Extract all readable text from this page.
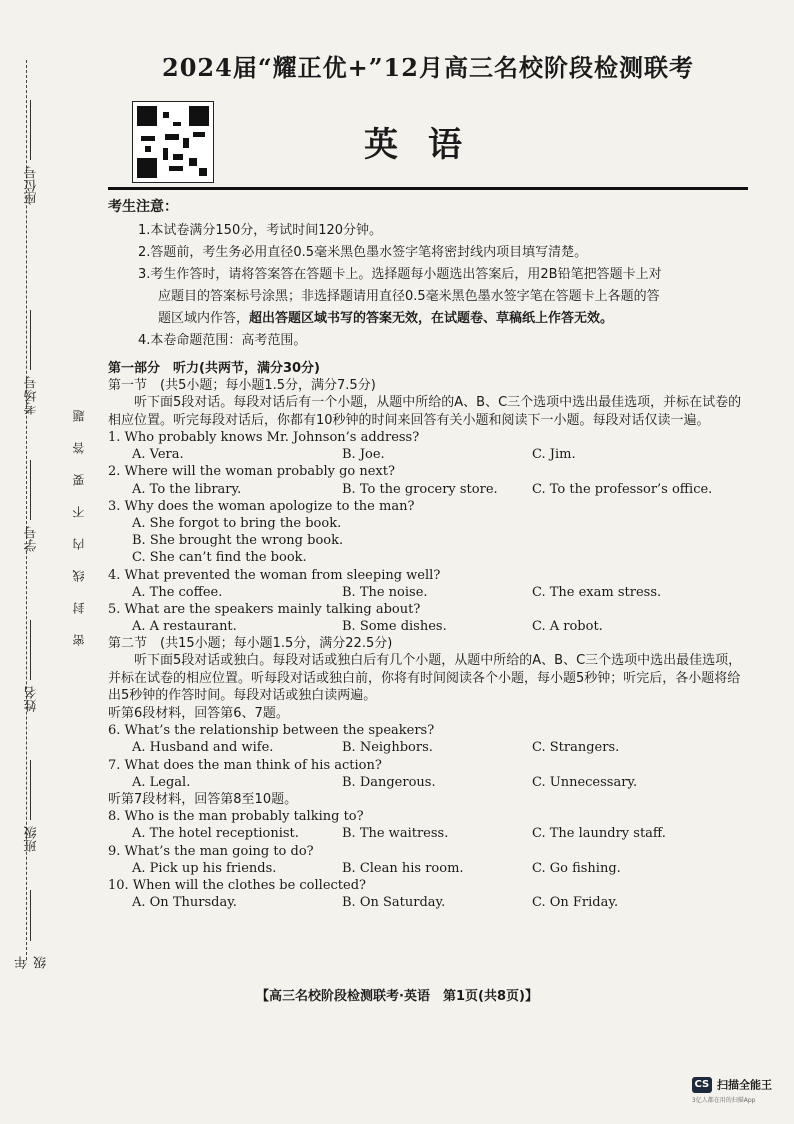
座位号
考场号
学号
姓名
班级
年级
密封线内不要答题
2024届“耀正优+”12月高三名校阶段检测联考
英语
考生注意：
1.本试卷满分150分，考试时间120分钟。
2.答题前，考生务必用直径0.5毫米黑色墨水签字笔将密封线内项目填写清楚。
3.考生作答时，请将答案答在答题卡上。选择题每小题选出答案后，用2B铅笔把答题卡上对
应题目的答案标号涂黑；非选择题请用直径0.5毫米黑色墨水签字笔在答题卡上各题的答
题区域内作答，超出答题区域书写的答案无效，在试题卷、草稿纸上作答无效。
4.本卷命题范围：高考范围。
第一部分　听力(共两节，满分30分)
第一节　(共5小题；每小题1.5分，满分7.5分)
听下面5段对话。每段对话后有一个小题，从题中所给的A、B、C三个选项中选出最佳选项，并标在试卷的相应位置。听完每段对话后，你都有10秒钟的时间来回答有关小题和阅读下一小题。每段对话仅读一遍。
1. Who probably knows Mr. Johnson’s address?
A. Vera.	B. Joe.	C. Jim.
2. Where will the woman probably go next?
A. To the library.	B. To the grocery store.	C. To the professor’s office.
3. Why does the woman apologize to the man?
A. She forgot to bring the book.
B. She brought the wrong book.
C. She can’t find the book.
4. What prevented the woman from sleeping well?
A. The coffee.	B. The noise.	C. The exam stress.
5. What are the speakers mainly talking about?
A. A restaurant.	B. Some dishes.	C. A robot.
第二节　(共15小题；每小题1.5分，满分22.5分)
听下面5段对话或独白。每段对话或独白后有几个小题，从题中所给的A、B、C三个选项中选出最佳选项，并标在试卷的相应位置。听每段对话或独白前，你将有时间阅读各个小题，每小题5秒钟；听完后，各小题将给出5秒钟的作答时间。每段对话或独白读两遍。
听第6段材料，回答第6、7题。
6. What’s the relationship between the speakers?
A. Husband and wife.	B. Neighbors.	C. Strangers.
7. What does the man think of his action?
A. Legal.	B. Dangerous.	C. Unnecessary.
听第7段材料，回答第8至10题。
8. Who is the man probably talking to?
A. The hotel receptionist.	B. The waitress.	C. The laundry staff.
9. What’s the man going to do?
A. Pick up his friends.	B. Clean his room.	C. Go fishing.
10. When will the clothes be collected?
A. On Thursday.	B. On Saturday.	C. On Friday.
【高三名校阶段检测联考·英语　第1页(共8页)】
CS 扫描全能王
3亿人都在用的扫描App
